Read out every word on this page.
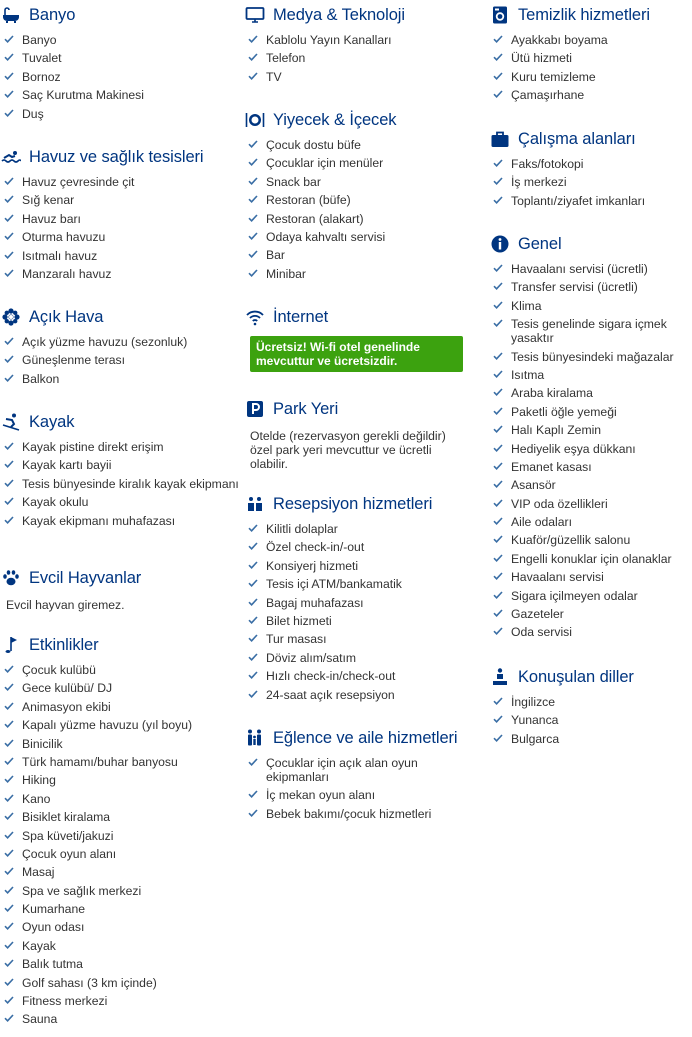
Banyo
Banyo
Tuvalet
Bornoz
Saç Kurutma Makinesi
Duş
Havuz ve sağlık tesisleri
Havuz çevresinde çit
Sığ kenar
Havuz barı
Oturma havuzu
Isıtmalı havuz
Manzaralı havuz
Açık Hava
Açık yüzme havuzu (sezonluk)
Güneşlenme terası
Balkon
Kayak
Kayak pistine direkt erişim
Kayak kartı bayii
Tesis bünyesinde kiralık kayak ekipmanı
Kayak okulu
Kayak ekipmanı muhafazası
Evcil Hayvanlar
Evcil hayvan giremez.
Etkinlikler
Çocuk kulübü
Gece kulübü/ DJ
Animasyon ekibi
Kapalı yüzme havuzu (yıl boyu)
Binicilik
Türk hamamı/buhar banyosu
Hiking
Kano
Bisiklet kiralama
Spa küveti/jakuzi
Çocuk oyun alanı
Masaj
Spa ve sağlık merkezi
Kumarhane
Oyun odası
Kayak
Balık tutma
Golf sahası (3 km içinde)
Fitness merkezi
Sauna
Medya & Teknoloji
Kablolu Yayın Kanalları
Telefon
TV
Yiyecek & İçecek
Çocuk dostu büfe
Çocuklar için menüler
Snack bar
Restoran (büfe)
Restoran (alakart)
Odaya kahvaltı servisi
Bar
Minibar
İnternet
Ücretsiz! Wi-fi otel genelinde mevcuttur ve ücretsizdir.
Park Yeri
Otelde (rezervasyon gerekli değildir) özel park yeri mevcuttur ve ücretli olabilir.
Resepsiyon hizmetleri
Kilitli dolaplar
Özel check-in/-out
Konsiyerj hizmeti
Tesis içi ATM/bankamatik
Bagaj muhafazası
Bilet hizmeti
Tur masası
Döviz alım/satım
Hızlı check-in/check-out
24-saat açık resepsiyon
Eğlence ve aile hizmetleri
Çocuklar için açık alan oyun ekipmanları
İç mekan oyun alanı
Bebek bakımı/çocuk hizmetleri
Temizlik hizmetleri
Ayakkabı boyama
Ütü hizmeti
Kuru temizleme
Çamaşırhane
Çalışma alanları
Faks/fotokopi
İş merkezi
Toplantı/ziyafet imkanları
Genel
Havaalanı servisi (ücretli)
Transfer servisi (ücretli)
Klima
Tesis genelinde sigara içmek yasaktır
Tesis bünyesindeki mağazalar
Isıtma
Araba kiralama
Paketli öğle yemeği
Halı Kaplı Zemin
Hediyelik eşya dükkanı
Emanet kasası
Asansör
VIP oda özellikleri
Aile odaları
Kuaför/güzellik salonu
Engelli konuklar için olanaklar
Havaalanı servisi
Sigara içilmeyen odalar
Gazeteler
Oda servisi
Konuşulan diller
İngilizce
Yunanca
Bulgarca
